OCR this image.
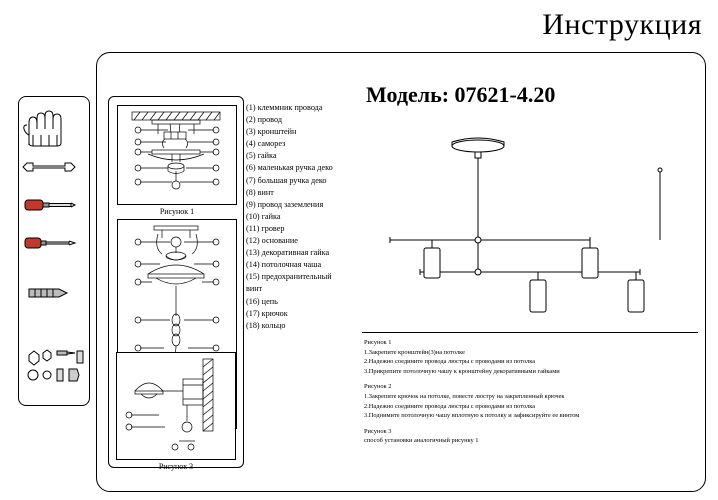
Инструкция
Рисунок 1
Рисунок 3
(1) клеммник провода
(2) провод
(3) кронштейн
(4) саморез
(5) гайка
(6) маленькая ручка деко
(7) большая ручка деко
(8) винт
(9) провод заземления
(10) гайка
(11) гровер
(12) основание
(13) декоративная гайка
(14) потолочная чаша
(15) предохранительный
винт
(16) цепь
(17) крючок
(18) кольцо
Модель: 07621-4.20
Рисунок 1
1.Закрепите кронштейн(3)на потолке
2.Надежно соедините провода люстры с проводами из потолка
3.Прикрепите потолочную чашу к кронштейну декоративными гайками
Рисунок 2
1.Закрепите крючок на потолке, повесте люстру на закрепленный крючек
2.Надежно соедините провода люстры с проводами из потолка
3.Поднимите потолочную чашу вплотную к потолку и зафиксируйте ее винтом
Рисунок 3
способ установки аналогичный рисунку 1
